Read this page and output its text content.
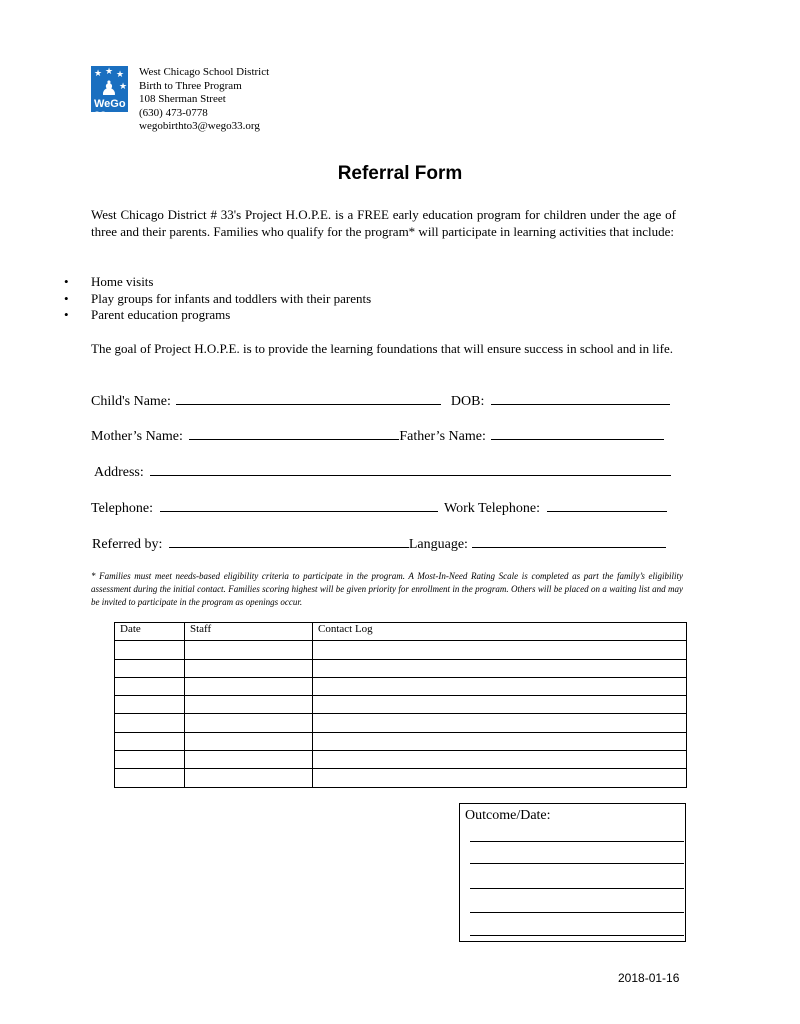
★ ★ ★
★
♟
WeGo 33
West Chicago School District
Birth to Three Program
108 Sherman Street
(630) 473-0778
wegobirthto3@wego33.org
Referral Form
West Chicago District # 33's Project H.O.P.E. is a FREE early education program for children under the age of three and their parents. Families who qualify for the program* will participate in learning activities that include:
• Home visits
• Play groups for infants and toddlers with their parents
• Parent education programs
The goal of Project H.O.P.E. is to provide the learning foundations that will ensure success in school and in life.
Child's Name:	DOB:
Mother’s Name:	Father’s Name:
Address:
Telephone:	Work Telephone:
Referred by:	Language:
* Families must meet needs-based eligibility criteria to participate in the program. A Most-In-Need Rating Scale is completed as part the family’s eligibility assessment during the initial contact. Families scoring highest will be given priority for enrollment in the program. Others will be placed on a waiting list and may be invited to participate in the program as openings occur.
Date	Staff	Contact Log

Outcome/Date:
2018-01-16
